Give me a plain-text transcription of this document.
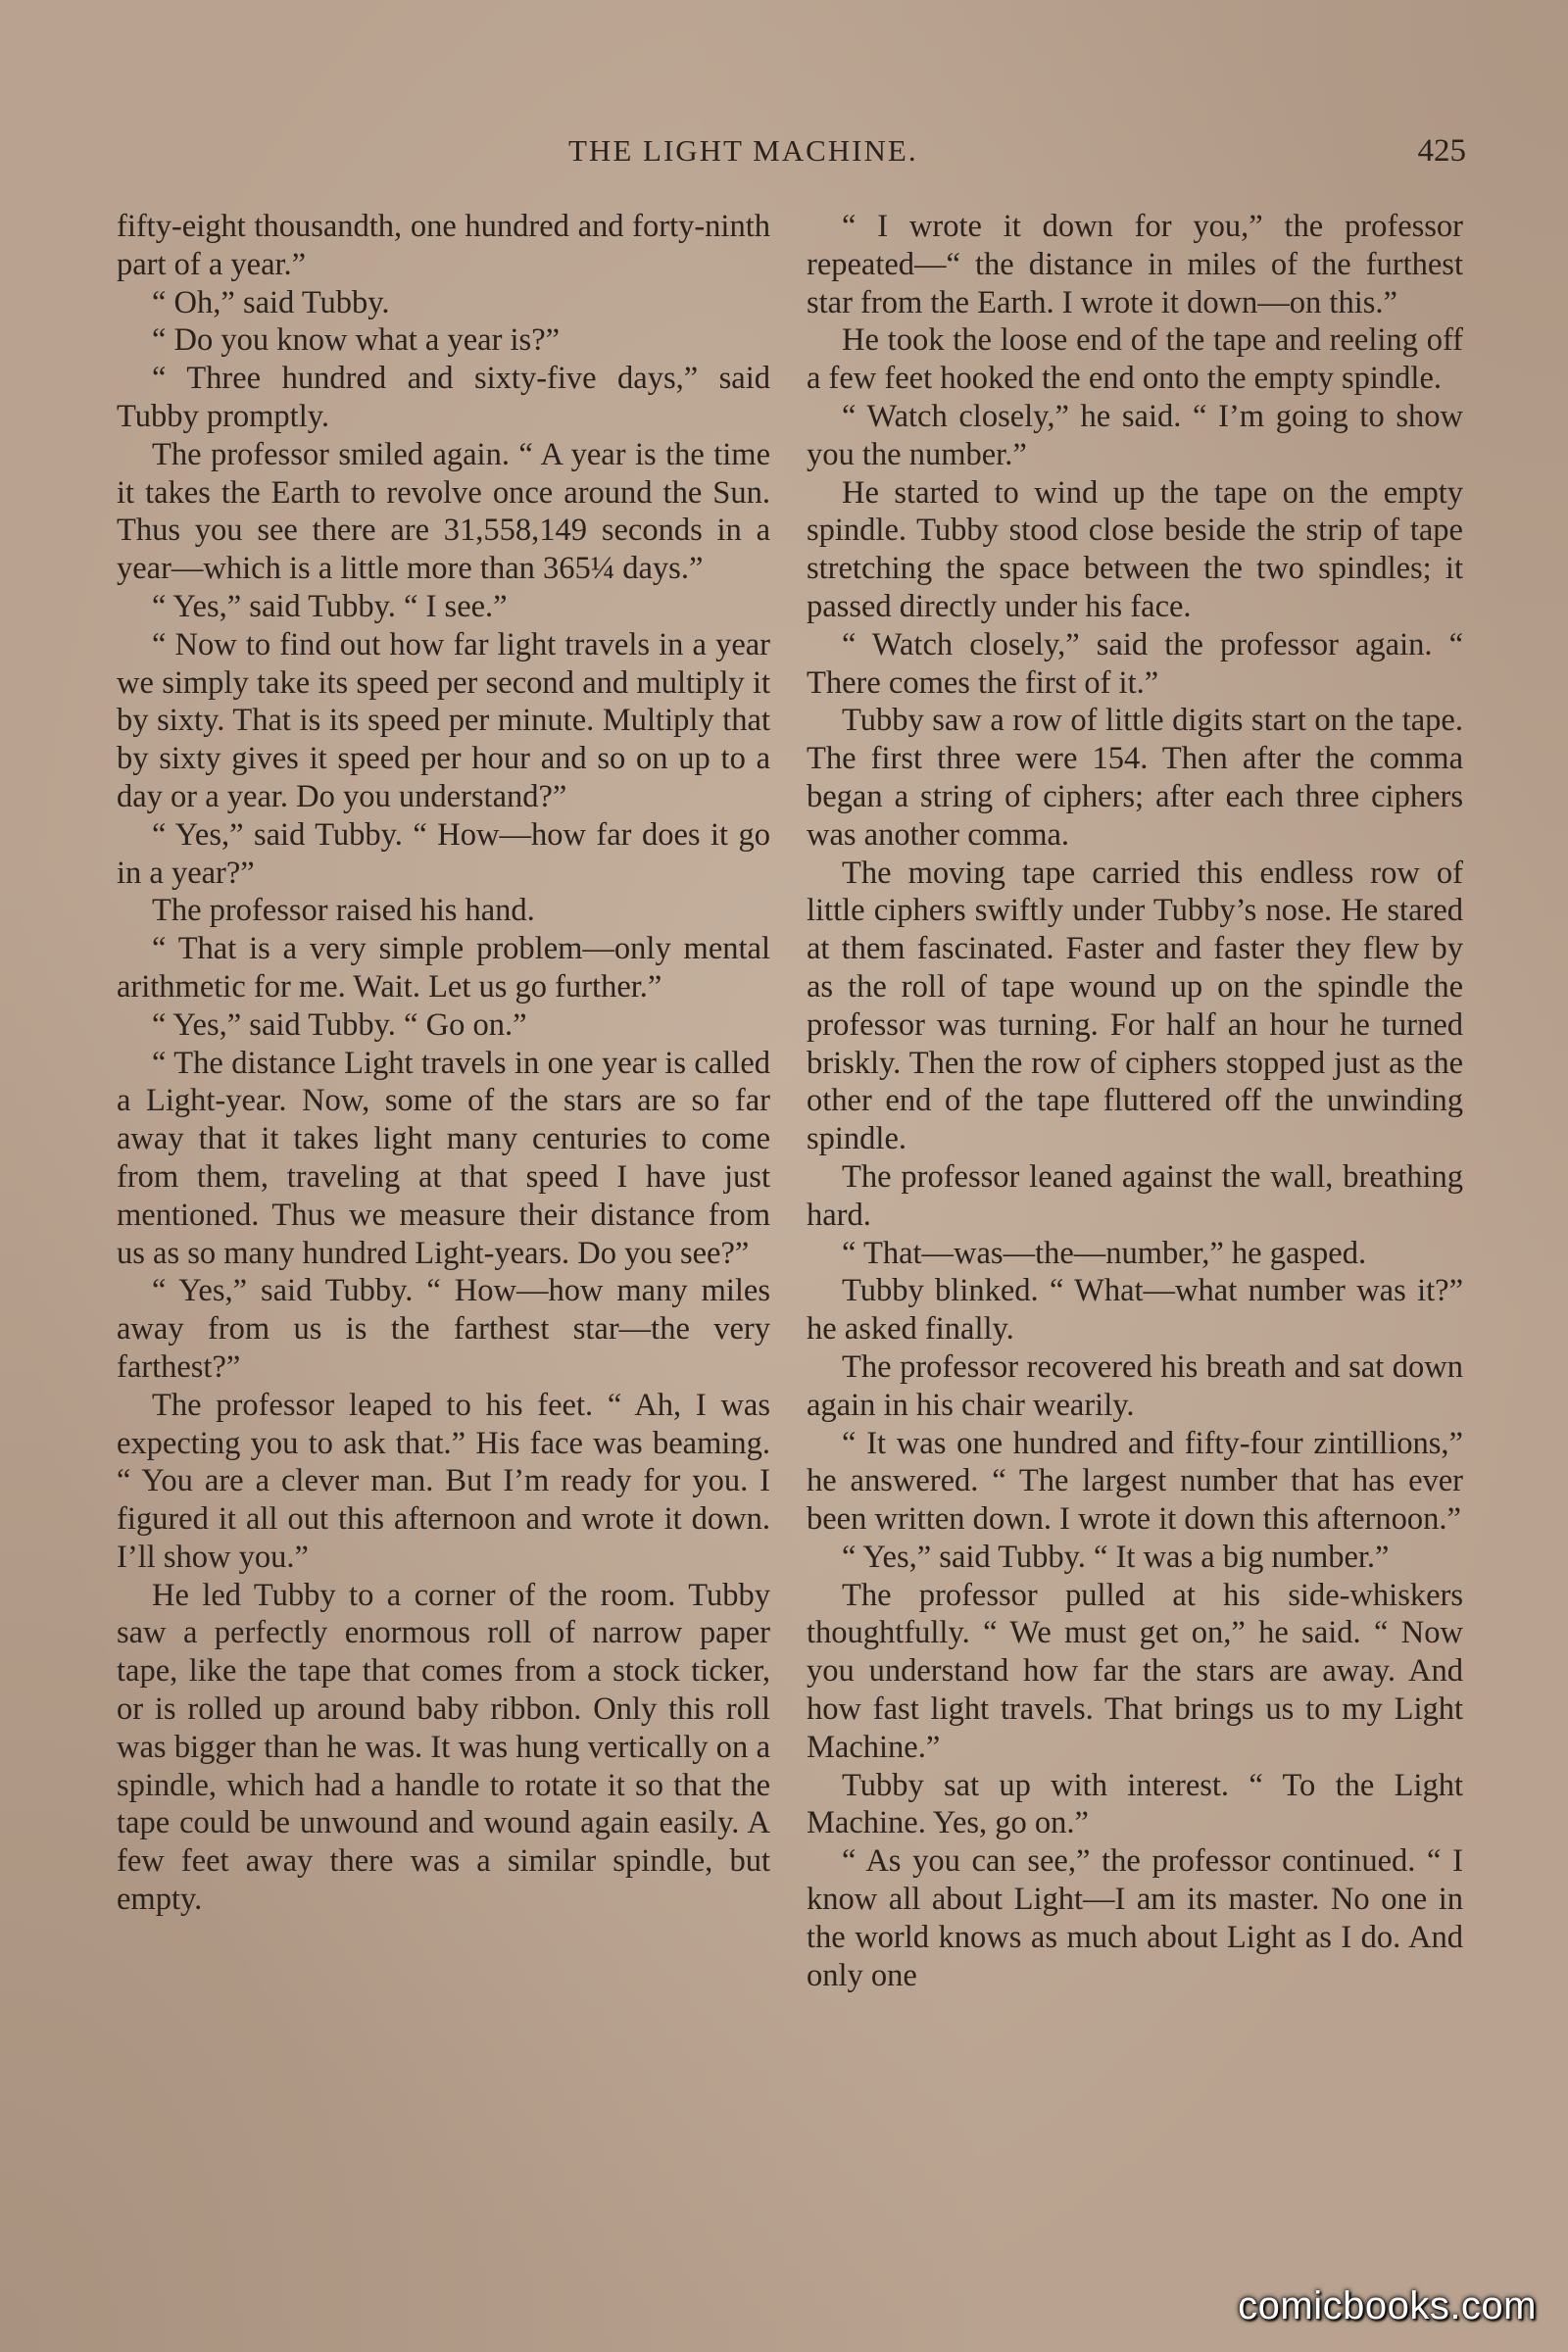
THE LIGHT MACHINE.	425

fifty-eight thousandth, one hundred and forty-ninth part of a year.”

“ Oh,” said Tubby.

“ Do you know what a year is?”

“ Three hundred and sixty-five days,” said Tubby promptly.

The professor smiled again. “ A year is the time it takes the Earth to revolve once around the Sun. Thus you see there are 31,558,149 seconds in a year—which is a little more than 365¼ days.”

“ Yes,” said Tubby. “ I see.”

“ Now to find out how far light travels in a year we simply take its speed per second and multiply it by sixty. That is its speed per minute. Multiply that by sixty gives it speed per hour and so on up to a day or a year. Do you understand?”

“ Yes,” said Tubby. “ How—how far does it go in a year?”

The professor raised his hand.

“ That is a very simple problem—only mental arithmetic for me. Wait. Let us go further.”

“ Yes,” said Tubby. “ Go on.”

“ The distance Light travels in one year is called a Light-year. Now, some of the stars are so far away that it takes light many centuries to come from them, traveling at that speed I have just mentioned. Thus we measure their distance from us as so many hundred Light-years. Do you see?”

“ Yes,” said Tubby. “ How—how many miles away from us is the farthest star—the very farthest?”

The professor leaped to his feet. “ Ah, I was expecting you to ask that.” His face was beaming. “ You are a clever man. But I’m ready for you. I figured it all out this afternoon and wrote it down. I’ll show you.”

He led Tubby to a corner of the room. Tubby saw a perfectly enormous roll of narrow paper tape, like the tape that comes from a stock ticker, or is rolled up around baby ribbon. Only this roll was bigger than he was. It was hung vertically on a spindle, which had a handle to rotate it so that the tape could be unwound and wound again easily. A few feet away there was a similar spindle, but empty.

“ I wrote it down for you,” the professor repeated—“ the distance in miles of the furthest star from the Earth. I wrote it down—on this.”

He took the loose end of the tape and reeling off a few feet hooked the end onto the empty spindle.

“ Watch closely,” he said. “ I’m going to show you the number.”

He started to wind up the tape on the empty spindle. Tubby stood close beside the strip of tape stretching the space between the two spindles; it passed directly under his face.

“ Watch closely,” said the professor again. “ There comes the first of it.”

Tubby saw a row of little digits start on the tape. The first three were 154. Then after the comma began a string of ciphers; after each three ciphers was another comma.

The moving tape carried this endless row of little ciphers swiftly under Tubby’s nose. He stared at them fascinated. Faster and faster they flew by as the roll of tape wound up on the spindle the professor was turning. For half an hour he turned briskly. Then the row of ciphers stopped just as the other end of the tape fluttered off the unwinding spindle.

The professor leaned against the wall, breathing hard.

“ That—was—the—number,” he gasped.

Tubby blinked. “ What—what number was it?” he asked finally.

The professor recovered his breath and sat down again in his chair wearily.

“ It was one hundred and fifty-four zintillions,” he answered. “ The largest number that has ever been written down. I wrote it down this afternoon.”

“ Yes,” said Tubby. “ It was a big number.”

The professor pulled at his side-whiskers thoughtfully. “ We must get on,” he said. “ Now you understand how far the stars are away. And how fast light travels. That brings us to my Light Machine.”

Tubby sat up with interest. “ To the Light Machine. Yes, go on.”

“ As you can see,” the professor continued. “ I know all about Light—I am its master. No one in the world knows as much about Light as I do. And only one

comicbooks.com
